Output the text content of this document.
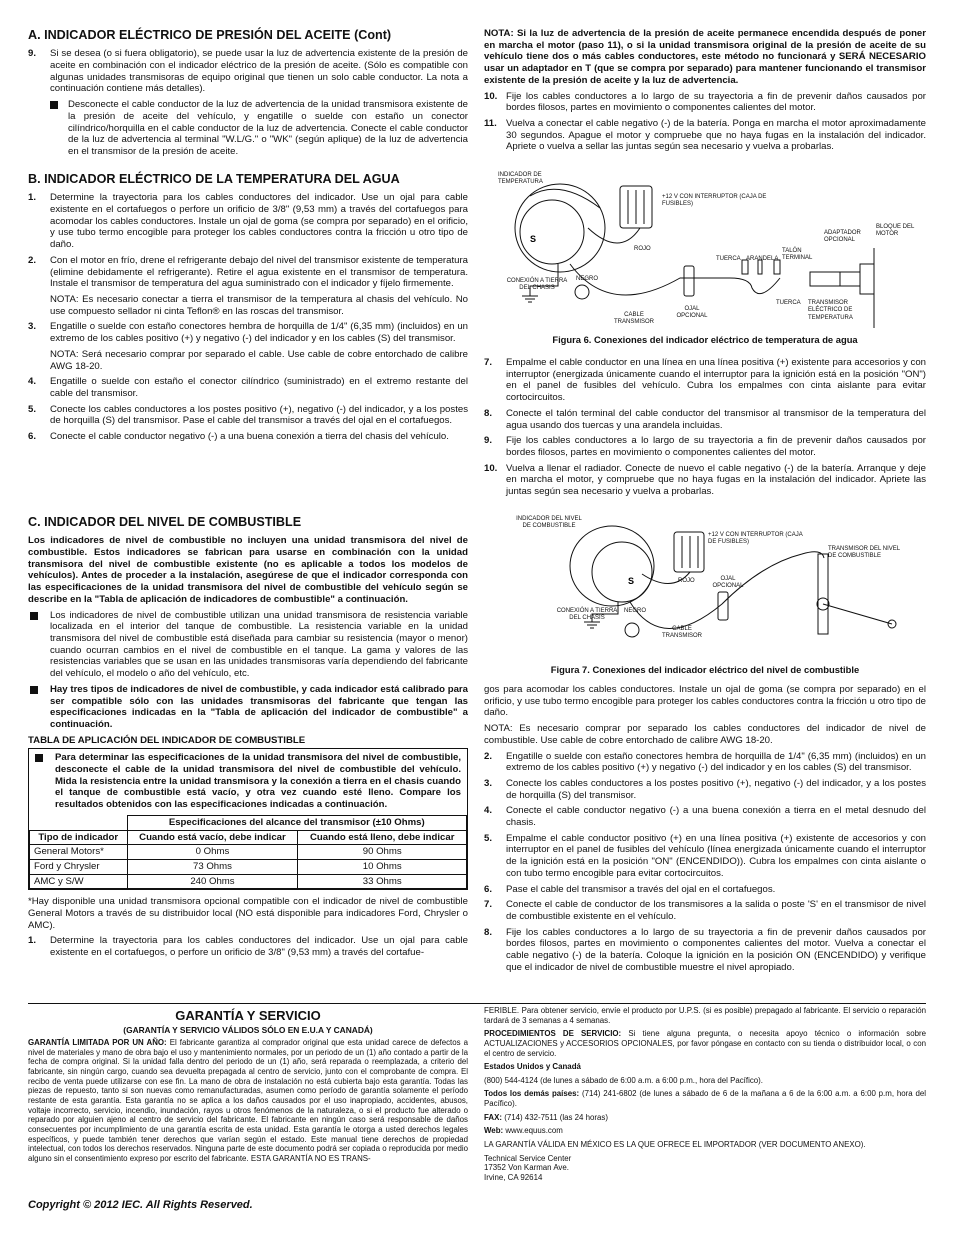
A. INDICADOR ELÉCTRICO DE PRESIÓN DEL ACEITE (Cont)
9. Si se desea (o si fuera obligatorio), se puede usar la luz de advertencia existente de la presión de aceite en combinación con el indicador eléctrico de la presión de aceite. (Sólo es compatible con algunas unidades transmisoras de equipo original que tienen un solo cable conductor. La nota a continuación contiene más detalles).
Desconecte el cable conductor de la luz de advertencia de la unidad transmisora existente de la presión de aceite del vehículo, y engatille o suelde con estaño un conector cilíndrico/horquilla en el cable conductor de la luz de advertencia. Conecte el cable conductor de la luz de advertencia al terminal "W.L/G." o "WK" (según aplique) de la luz de advertencia en el transmisor de la presión de aceite.
B. INDICADOR ELÉCTRICO DE LA TEMPERATURA DEL AGUA
1. Determine la trayectoria para los cables conductores del indicador. Use un ojal para cable existente en el cortafuegos o perfore un orificio de 3/8" (9,53 mm) a través del cortafuegos para acomodar los cables conductores. Instale un ojal de goma (se compra por separado) en el orificio, y use tubo termo encogible para proteger los cables conductores contra la fricción u otro tipo de daño.
2. Con el motor en frío, drene el refrigerante debajo del nivel del transmisor existente de temperatura (elimine debidamente el refrigerante). Retire el agua existente en el transmisor de temperatura. Instale el transmisor de temperatura del agua suministrado con el indicador y fíjelo firmemente.
NOTA: Es necesario conectar a tierra el transmisor de la temperatura al chasis del vehículo. No use compuesto sellador ni cinta Teflon® en las roscas del transmisor.
3. Engatille o suelde con estaño conectores hembra de horquilla de 1/4" (6,35 mm) (incluidos) en un extremo de los cables positivo (+) y negativo (-) del indicador y en los cables (S) del transmisor.
NOTA: Será necesario comprar por separado el cable. Use cable de cobre entorchado de calibre AWG 18-20.
4. Engatille o suelde con estaño el conector cilíndrico (suministrado) en el extremo restante del cable del transmisor.
5. Conecte los cables conductores a los postes positivo (+), negativo (-) del indicador, y a los postes de horquilla (S) del transmisor. Pase el cable del transmisor a través del ojal en el cortafuegos.
6. Conecte el cable conductor negativo (-) a una buena conexión a tierra del chasis del vehículo.
C. INDICADOR DEL NIVEL DE COMBUSTIBLE

Los indicadores de nivel de combustible no incluyen una unidad transmisora del nivel de combustible. Estos indicadores se fabrican para usarse en combinación con la unidad transmisora del nivel de combustible existente (no es aplicable a todos los modelos de vehículos). Antes de proceder a la instalación, asegúrese de que el indicador corresponda con las especificaciones de la unidad transmisora del nivel de combustible del vehículo según se describe en la "Tabla de aplicación de indicadores de combustible" a continuación.

Los indicadores de nivel de combustible utilizan una unidad transmisora de resistencia variable localizada en el interior del tanque de combustible. La resistencia variable en la unidad transmisora del nivel de combustible está diseñada para cambiar su resistencia (mayor o menor) cuando ocurran cambios en el nivel de combustible en el tanque. La gama y valores de las resistencias variables que se usan en las unidades transmisoras varía dependiendo del fabricante del vehículo, el modelo o año del vehículo, etc.
Hay tres tipos de indicadores de nivel de combustible, y cada indicador está calibrado para ser compatible sólo con las unidades transmisoras del fabricante que tengan las especificaciones indicadas en la "Tabla de aplicación del indicador de combustible" a continuación.
TABLA DE APLICACIÓN DEL INDICADOR DE COMBUSTIBLE
Para determinar las especificaciones de la unidad transmisora del nivel de combustible, desconecte el cable de la unidad transmisora del nivel de combustible del vehículo. Mida la resistencia entre la unidad transmisora y la conexión a tierra en el chasis cuando el tanque de combustible está vacío, y otra vez cuando esté lleno. Compare los resultados obtenidos con las especificaciones indicadas a continuación.
	Especificaciones del alcance del transmisor (±10 Ohms)	
Tipo de indicador	Cuando está vacío, debe indicar	Cuando está lleno, debe indicar
General Motors*	0 Ohms	90 Ohms
Ford y Chrysler	73 Ohms	10 Ohms
AMC y S/W	240 Ohms	33 Ohms

*Hay disponible una unidad transmisora opcional compatible con el indicador de nivel de combustible General Motors a través de su distribuidor local (NO está disponible para indicadores Ford, Chrysler o AMC).

1. Determine la trayectoria para los cables conductores del indicador. Use un ojal para cable existente en el cortafuegos, o perfore un orificio de 3/8" (9,53 mm) a través del cortafue-

NOTA: Si la luz de advertencia de la presión de aceite permanece encendida después de poner en marcha el motor (paso 11), o si la unidad transmisora original de la presión de aceite de su vehículo tiene dos o más cables conductores, este método no funcionará y SERÁ NECESARIO usar un adaptador en T (que se compra por separado) para mantener funcionando el transmisor existente de la presión de aceite y la luz de advertencia.

10. Fije los cables conductores a lo largo de su trayectoria a fin de prevenir daños causados por bordes filosos, partes en movimiento o componentes calientes del motor.
11. Vuelva a conectar el cable negativo (-) de la batería. Ponga en marcha el motor aproximadamente 30 segundos. Apague el motor y compruebe que no haya fugas en la instalación del indicador. Apriete o vuelva a sellar las juntas según sea necesario y vuelva a probarlas.
S
INDICADOR DE TEMPERATURA
+12 V CON INTERRUPTOR (CAJA DE FUSIBLES)
ROJO
NEGRO
CONEXIÓN A TIERRA DEL CHASIS
CABLE TRANSMISOR
OJAL OPCIONAL
TUERCA ARANDELA
TALÓN TERMINAL
ADAPTADOR OPCIONAL
BLOQUE DEL MOTOR
TUERCA TRANSMISOR ELÉCTRICO DE TEMPERATURA
Figura 6. Conexiones del indicador eléctrico de temperatura de agua
7. Empalme el cable conductor en una línea en una línea positiva (+) existente para accesorios y con interruptor (energizada únicamente cuando el interruptor para la ignición está en la posición "ON") en el panel de fusibles del vehículo. Cubra los empalmes con cinta aislante para evitar cortocircuitos.
8. Conecte el talón terminal del cable conductor del transmisor al transmisor de la temperatura del agua usando dos tuercas y una arandela incluidas.
9. Fije los cables conductores a lo largo de su trayectoria a fin de prevenir daños causados por bordes filosos, partes en movimiento o componentes calientes del motor.
10. Vuelva a llenar el radiador. Conecte de nuevo el cable negativo (-) de la batería. Arranque y deje en marcha el motor, y compruebe que no haya fugas en la instalación del indicador. Apriete las juntas según sea necesario y vuelva a probarlas.
S
INDICADOR DEL NIVEL DE COMBUSTIBLE
+12 V CON INTERRUPTOR (CAJA DE FUSIBLES)
ROJO	OJAL OPCIONAL
TRANSMISOR DEL NIVEL DE COMBUSTIBLE
CONEXIÓN A TIERRA DEL CHASIS
NEGRO
CABLE TRANSMISOR
Figura 7. Conexiones del indicador eléctrico del nivel de combustible

gos para acomodar los cables conductores. Instale un ojal de goma (se compra por separado) en el orificio, y use tubo termo encogible para proteger los cables conductores contra la fricción u otro tipo de daño.

NOTA: Es necesario comprar por separado los cables conductores del indicador de nivel de combustible. Use cable de cobre entorchado de calibre AWG 18-20.

2. Engatille o suelde con estaño conectores hembra de horquilla de 1/4" (6,35 mm) (incluidos) en un extremo de los cables positivo (+) y negativo (-) del indicador y en los cables (S) del transmisor.
3. Conecte los cables conductores a los postes positivo (+), negativo (-) del indicador, y a los postes de horquilla (S) del transmisor.
4. Conecte el cable conductor negativo (-) a una buena conexión a tierra en el metal desnudo del chasis.
5. Empalme el cable conductor positivo (+) en una línea positiva (+) existente de accesorios y con interruptor en el panel de fusibles del vehículo (línea energizada únicamente cuando el interruptor de la ignición está en la posición "ON" (ENCENDIDO)). Cubra los empalmes con cinta aislante o con tubo termo encogible para evitar cortocircuitos.
6. Pase el cable del transmisor a través del ojal en el cortafuegos.
7. Conecte el cable de conductor de los transmisores a la salida o poste 'S' en el transmisor de nivel de combustible existente en el vehículo.
8. Fije los cables conductores a lo largo de su trayectoria a fin de prevenir daños causados por bordes filosos, partes en movimiento o componentes calientes del motor. Vuelva a conectar el cable negativo (-) de la batería. Coloque la ignición en la posición ON (ENCENDIDO) y verifique que el indicador de nivel de combustible muestre el nivel apropiado.
GARANTÍA Y SERVICIO
(GARANTÍA Y SERVICIO VÁLIDOS SÓLO EN E.U.A Y CANADÁ)
GARANTÍA LIMITADA POR UN AÑO: El fabricante garantiza al comprador original que esta unidad carece de defectos a nivel de materiales y mano de obra bajo el uso y mantenimiento normales, por un periodo de un (1) año contado a partir de la fecha de compra original. Si la unidad falla dentro del periodo de un (1) año, será reparada o reemplazada, a criterio del fabricante, sin ningún cargo, cuando sea devuelta prepagada al centro de servicio, junto con el comprobante de compra. El recibo de venta puede utilizarse con ese fin. La mano de obra de instalación no está cubierta bajo esta garantía. Todas las piezas de repuesto, tanto si son nuevas como remanufacturadas, asumen como período de garantía solamente el período restante de esta garantía. Esta garantía no se aplica a los daños causados por el uso inapropiado, accidentes, abusos, voltaje incorrecto, servicio, incendio, inundación, rayos u otros fenómenos de la naturaleza, o si el producto fue alterado o reparado por alguien ajeno al centro de servicio del fabricante. El fabricante en ningún caso será responsable de daños consecuentes por incumplimiento de una garantía escrita de esta unidad. Esta garantía le otorga a usted derechos legales específicos, y puede también tener derechos que varían según el estado. Este manual tiene derechos de propiedad intelectual, con todos los derechos reservados. Ninguna parte de este documento podrá ser copiada o reproducida por medio alguno sin el consentimiento expreso por escrito del fabricante. ESTA GARANTÍA NO ES TRANS-

FERIBLE. Para obtener servicio, envíe el producto por U.P.S. (si es posible) prepagado al fabricante. El servicio o reparación tardará de 3 semanas a 4 semanas.

PROCEDIMIENTOS DE SERVICIO: Si tiene alguna pregunta, o necesita apoyo técnico o información sobre ACTUALIZACIONES y ACCESORIOS OPCIONALES, por favor póngase en contacto con su tienda o distribuidor local, o con el centro de servicio.

Estados Unidos y Canadá

(800) 544-4124 (de lunes a sábado de 6:00 a.m. a 6:00 p.m., hora del Pacífico).

Todos los demás países: (714) 241-6802 (de lunes a sábado de 6 de la mañana a 6 de la 6:00 a.m. a 6:00 p.m, hora del Pacífico).

FAX: (714) 432-7511 (las 24 horas)

Web: www.equus.com

LA GARANTÍA VÁLIDA EN MÉXICO ES LA QUE OFRECE EL IMPORTADOR (VER DOCUMENTO ANEXO).

Technical Service Center
17352 Von Karman Ave.
Irvine, CA 92614
Copyright © 2012 IEC. All Rights Reserved.
